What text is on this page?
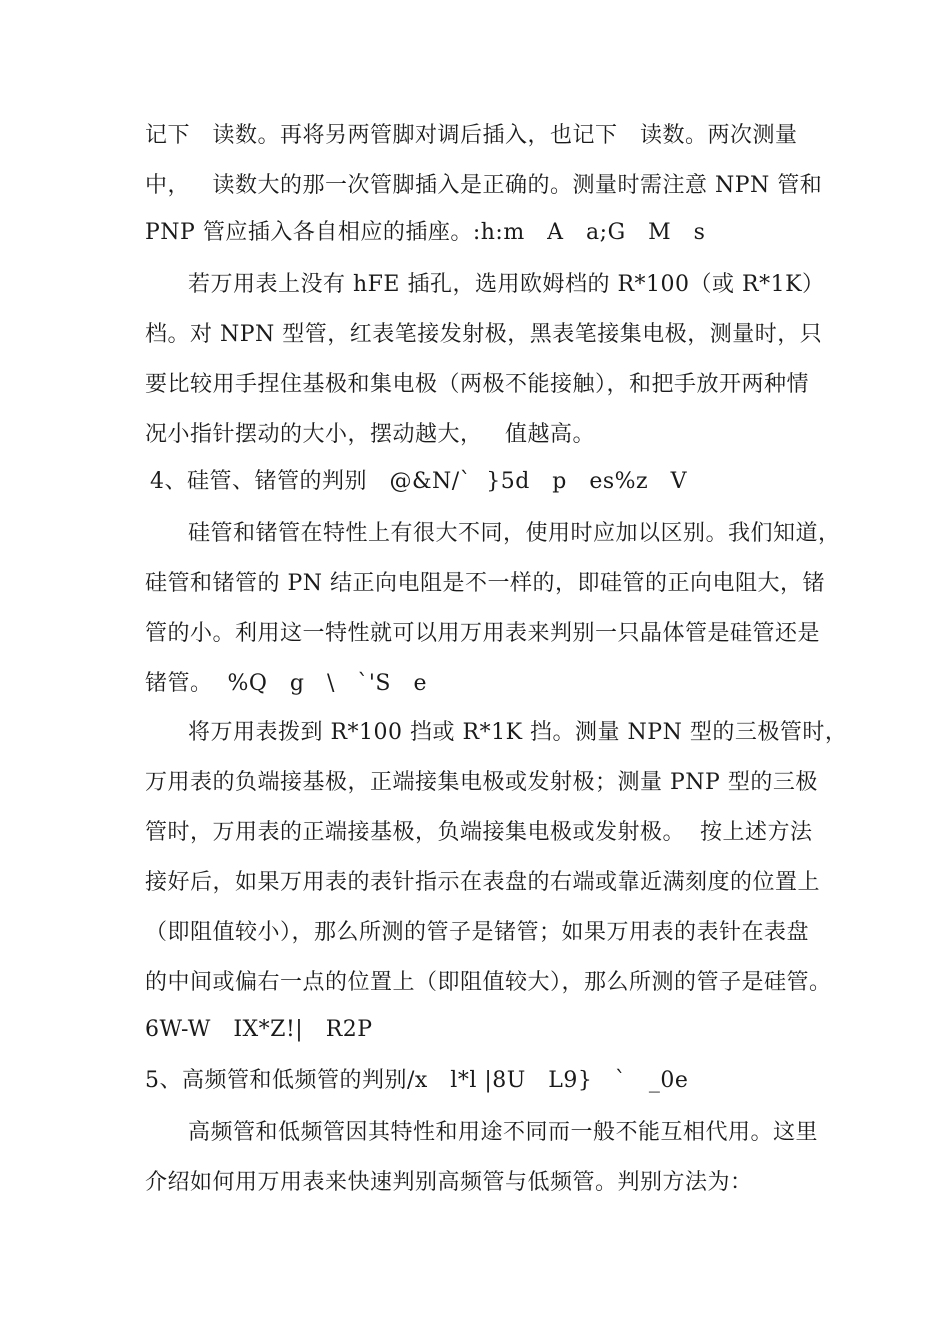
记下   读数。再将另两管脚对调后插入，也记下   读数。两次测量
中，   读数大的那一次管脚插入是正确的。测量时需注意 NPN 管和
PNP 管应插入各自相应的插座。:h:m   A   a;G   M   s
若万用表上没有 hFE 插孔，选用欧姆档的 R*100（或 R*1K）
档。对 NPN 型管，红表笔接发射极，黑表笔接集电极，测量时，只
要比较用手捏住基极和集电极（两极不能接触），和把手放开两种情
况小指针摆动的大小，摆动越大，   值越高。
4、硅管、锗管的判别   @&N/`  }5d   p   es%z   V
硅管和锗管在特性上有很大不同，使用时应加以区别。我们知道，
硅管和锗管的 PN 结正向电阻是不一样的，即硅管的正向电阻大，锗
管的小。利用这一特性就可以用万用表来判别一只晶体管是硅管还是
锗管。  %Q   g   \   `'S   e
将万用表拨到 R*100 挡或 R*1K 挡。测量 NPN 型的三极管时，
万用表的负端接基极，正端接集电极或发射极；测量 PNP 型的三极
管时，万用表的正端接基极，负端接集电极或发射极。  按上述方法
接好后，如果万用表的表针指示在表盘的右端或靠近满刻度的位置上
（即阻值较小），那么所测的管子是锗管；如果万用表的表针在表盘
的中间或偏右一点的位置上（即阻值较大），那么所测的管子是硅管。
6W-W   IX*Z!|   R2P
5、高频管和低频管的判别/x   l*l |8U   L9}   `   _0e
高频管和低频管因其特性和用途不同而一般不能互相代用。这里
介绍如何用万用表来快速判别高频管与低频管。判别方法为：
